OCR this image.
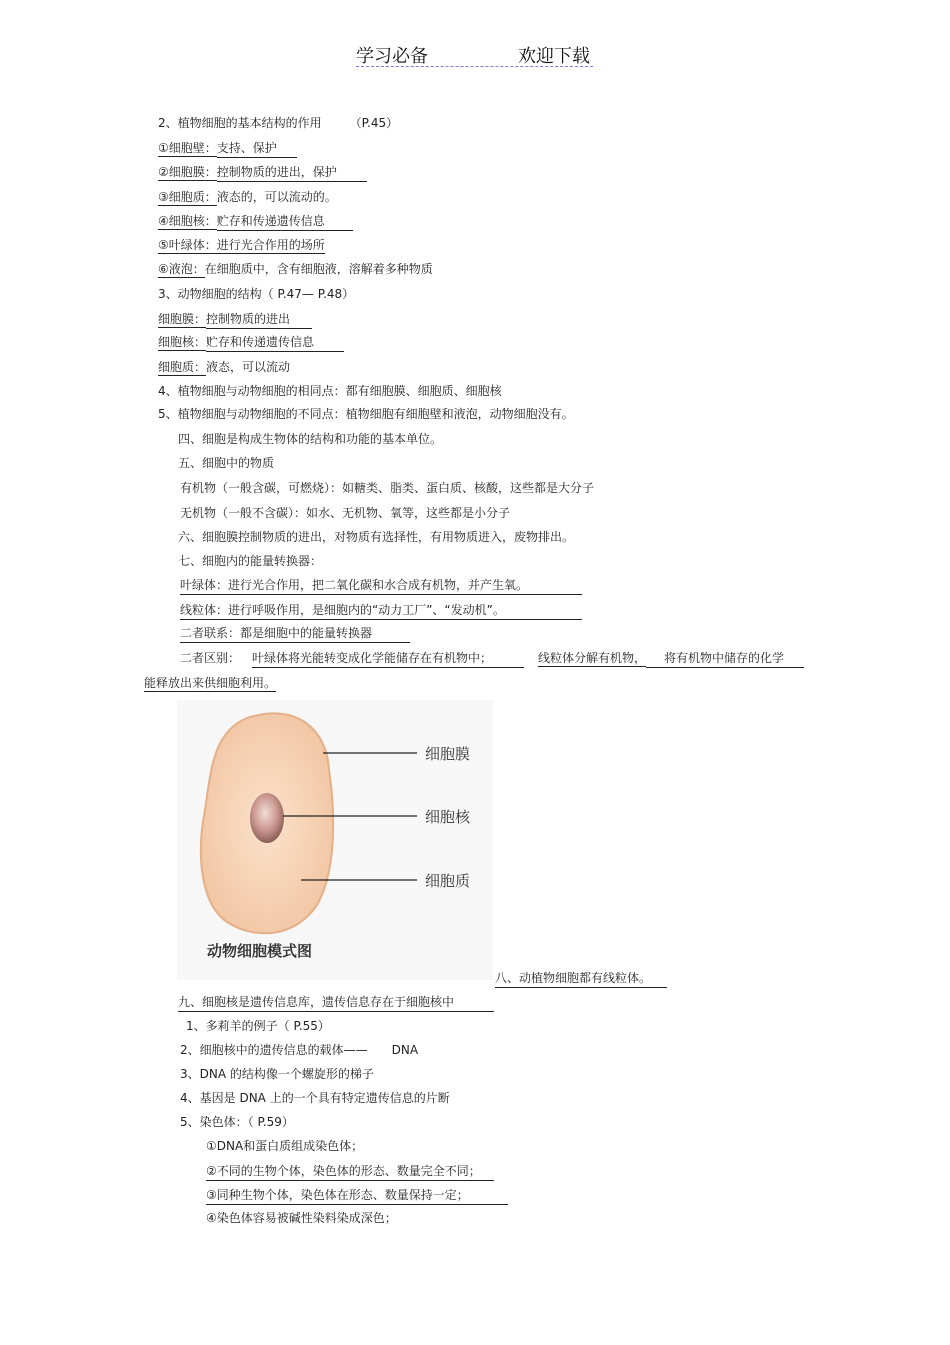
学习必备	欢迎下载
2、植物细胞的基本结构的作用 （P.45）
①细胞壁：支持、保护
②细胞膜：控制物质的进出，保护
③细胞质：液态的，可以流动的。
④细胞核：贮存和传递遗传信息
⑤叶绿体：进行光合作用的场所
⑥液泡：在细胞质中，含有细胞液，溶解着多种物质
3、动物细胞的结构（ P.47— P.48）
细胞膜：控制物质的进出
细胞核：贮存和传递遗传信息
细胞质：液态，可以流动
4、植物细胞与动物细胞的相同点：都有细胞膜、细胞质、细胞核
5、植物细胞与动物细胞的不同点：植物细胞有细胞壁和液泡，动物细胞没有。
四、细胞是构成生物体的结构和功能的基本单位。
五、细胞中的物质
有机物（一般含碳，可燃烧）：如糖类、脂类、蛋白质、核酸，这些都是大分子
无机物（一般不含碳）：如水、无机物、氧等，这些都是小分子
六、细胞膜控制物质的进出，对物质有选择性，有用物质进入，废物排出。
七、细胞内的能量转换器：
叶绿体：进行光合作用，把二氧化碳和水合成有机物，并产生氧。
线粒体：进行呼吸作用，是细胞内的“动力工厂”、“发动机”。
二者联系：都是细胞中的能量转换器
二者区别： 叶绿体将光能转变成化学能储存在有机物中；	线粒体分解有机物， 将有机物中储存的化学
能释放出来供细胞利用。
细胞膜
细胞核
细胞质
动物细胞模式图
八、动植物细胞都有线粒体。
九、细胞核是遗传信息库，遗传信息存在于细胞核中
1、多莉羊的例子（ P.55）
2、细胞核中的遗传信息的载体—— DNA
3、DNA 的结构像一个螺旋形的梯子
4、基因是 DNA 上的一个具有特定遗传信息的片断
5、染色体：（ P.59）
①DNA和蛋白质组成染色体；
②不同的生物个体，染色体的形态、数量完全不同；
③同种生物个体，染色体在形态、数量保持一定；
④染色体容易被碱性染料染成深色；
